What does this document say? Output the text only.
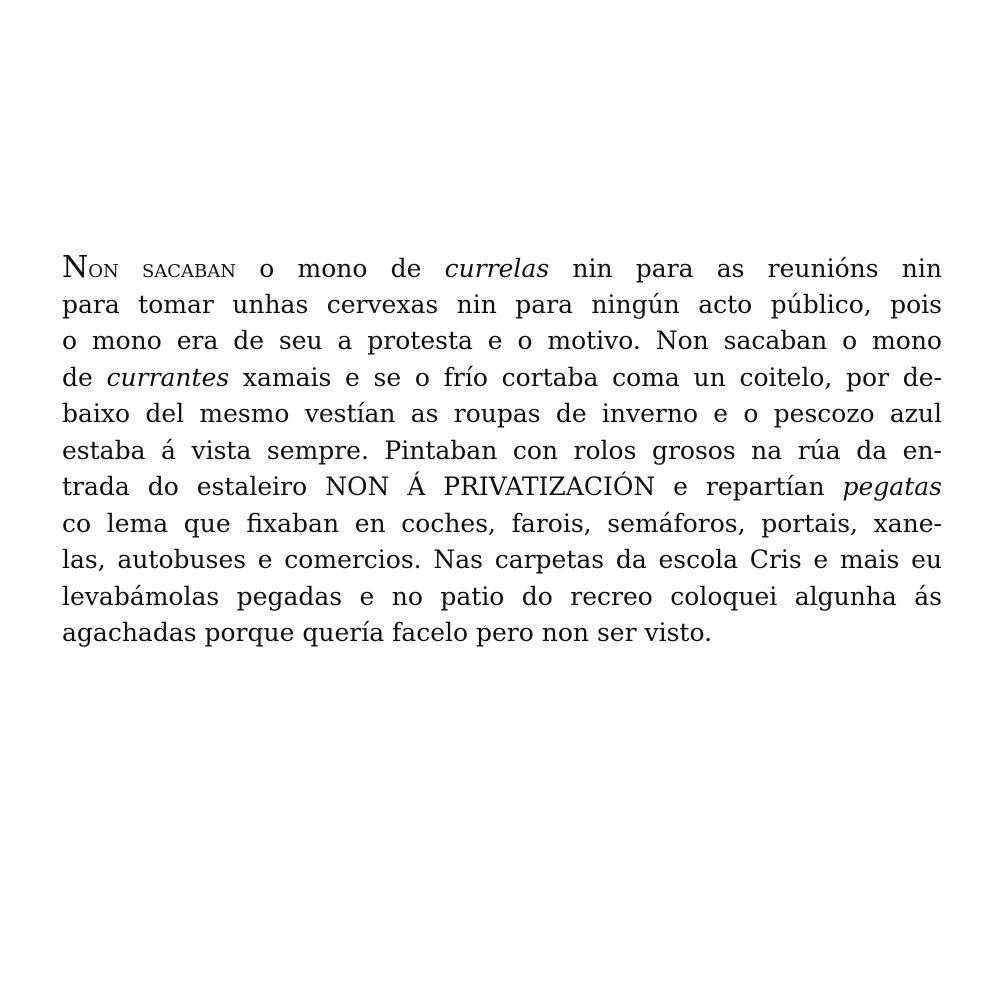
Non sacaban o mono de currelas nin para as reunións nin
para tomar unhas cervexas nin para ningún acto público, pois
o mono era de seu a protesta e o motivo. Non sacaban o mono
de currantes xamais e se o frío cortaba coma un coitelo, por de-
baixo del mesmo vestían as roupas de inverno e o pescozo azul
estaba á vista sempre. Pintaban con rolos grosos na rúa da en-
trada do estaleiro NON Á PRIVATIZACIÓN e repartían pegatas
co lema que fixaban en coches, farois, semáforos, portais, xane-
las, autobuses e comercios. Nas carpetas da escola Cris e mais eu
levabámolas pegadas e no patio do recreo coloquei algunha ás
agachadas porque quería facelo pero non ser visto.
